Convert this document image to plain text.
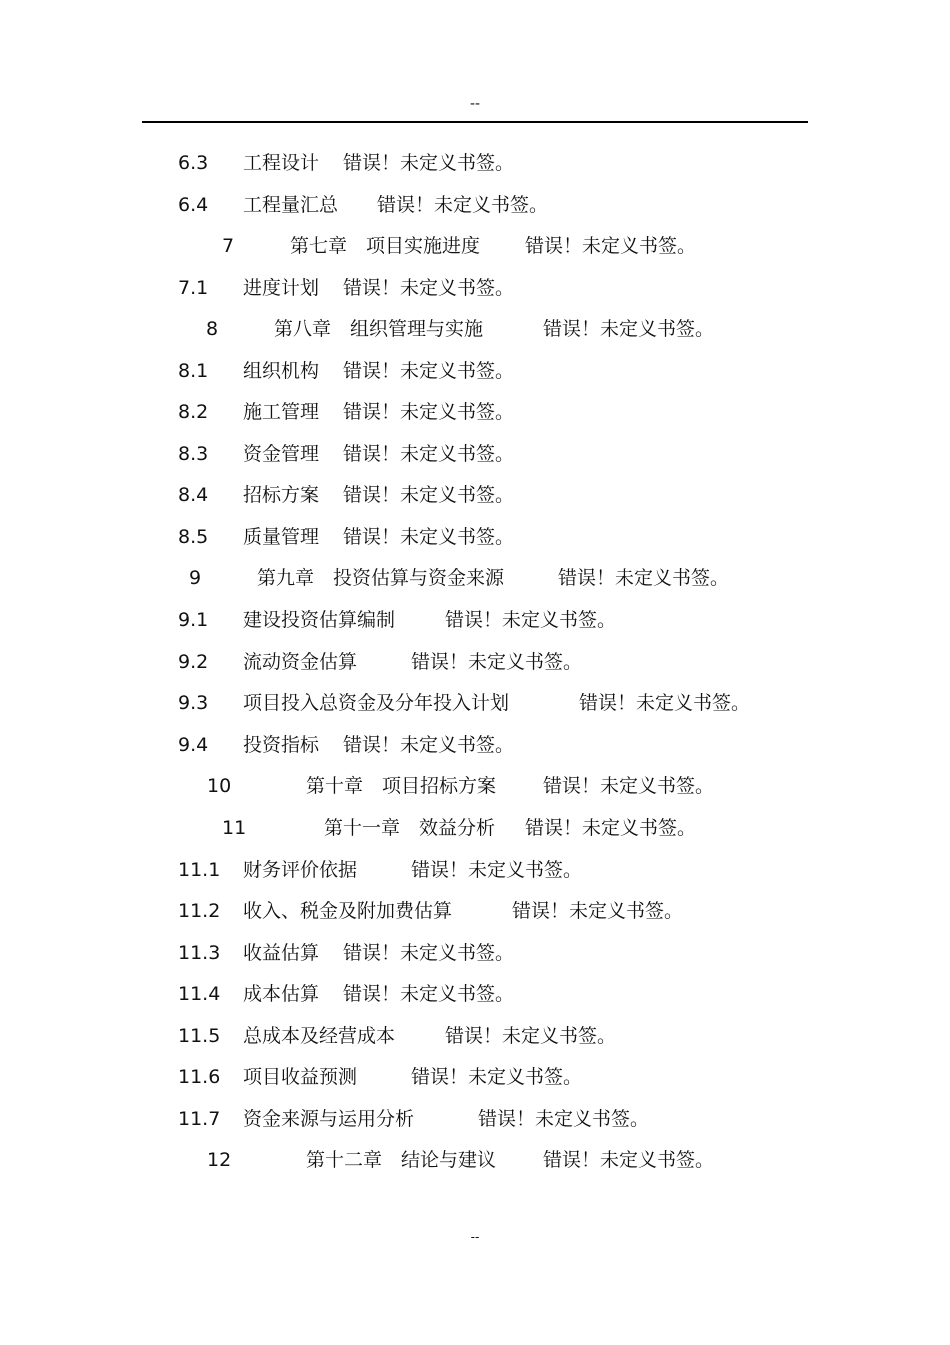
--
6.3 工程设计 错误！未定义书签。
6.4 工程量汇总 错误！未定义书签。
7	第七章　项目实施进度 错误！未定义书签。
7.1 进度计划 错误！未定义书签。
8	第八章　组织管理与实施	错误！未定义书签。
8.1 组织机构 错误！未定义书签。
8.2 施工管理 错误！未定义书签。
8.3 资金管理 错误！未定义书签。
8.4 招标方案 错误！未定义书签。
8.5 质量管理 错误！未定义书签。
9	第九章　投资估算与资金来源	错误！未定义书签。
9.1 建设投资估算编制	错误！未定义书签。
9.2 流动资金估算	错误！未定义书签。
9.3 项目投入总资金及分年投入计划	错误！未定义书签。
9.4 投资指标 错误！未定义书签。
10	第十章　项目招标方案 错误！未定义书签。
11	第十一章　效益分析 错误！未定义书签。
11.1 财务评价依据	错误！未定义书签。
11.2 收入、税金及附加费估算	错误！未定义书签。
11.3 收益估算 错误！未定义书签。
11.4 成本估算 错误！未定义书签。
11.5 总成本及经营成本	错误！未定义书签。
11.6 项目收益预测	错误！未定义书签。
11.7 资金来源与运用分析	错误！未定义书签。
12	第十二章　结论与建议 错误！未定义书签。
--
